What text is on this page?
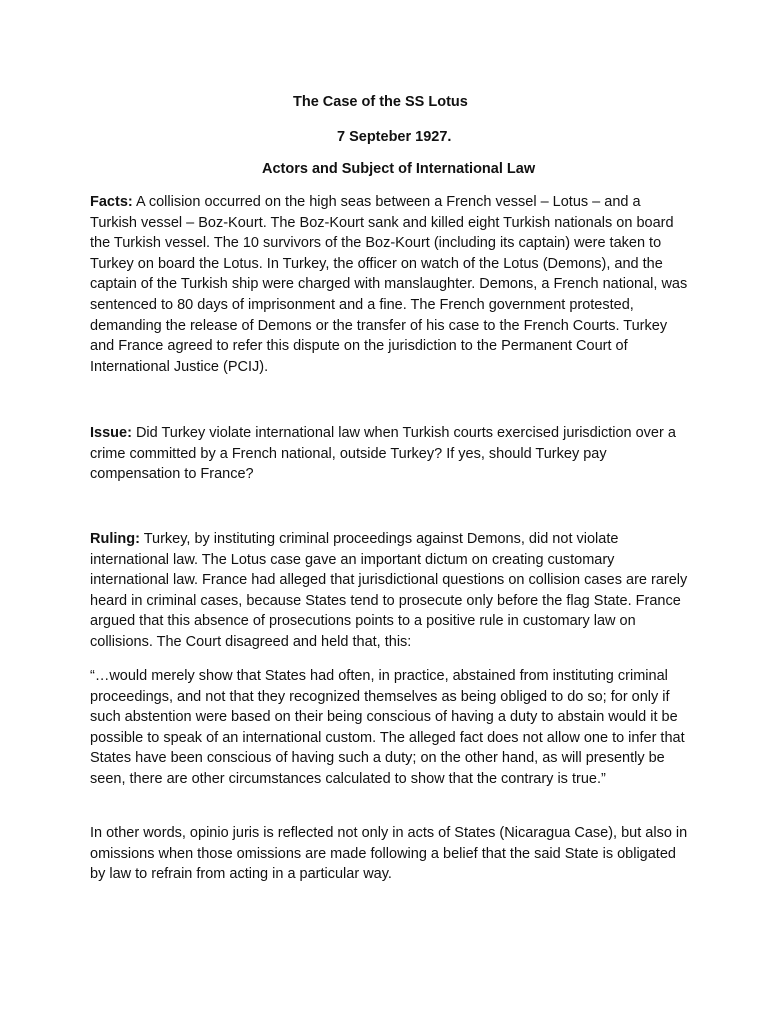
The Case of the SS Lotus
7 Septeber 1927.
Actors and Subject of International Law

Facts: A collision occurred on the high seas between a French vessel – Lotus – and a Turkish vessel – Boz-Kourt. The Boz-Kourt sank and killed eight Turkish nationals on board the Turkish vessel. The 10 survivors of the Boz-Kourt (including its captain) were taken to Turkey on board the Lotus. In Turkey, the officer on watch of the Lotus (Demons), and the captain of the Turkish ship were charged with manslaughter. Demons, a French national, was sentenced to 80 days of imprisonment and a fine. The French government protested, demanding the release of Demons or the transfer of his case to the French Courts. Turkey and France agreed to refer this dispute on the jurisdiction to the Permanent Court of International Justice (PCIJ).

Issue: Did Turkey violate international law when Turkish courts exercised jurisdiction over a crime committed by a French national, outside Turkey? If yes, should Turkey pay compensation to France?

Ruling: Turkey, by instituting criminal proceedings against Demons, did not violate international law. The Lotus case gave an important dictum on creating customary international law. France had alleged that jurisdictional questions on collision cases are rarely heard in criminal cases, because States tend to prosecute only before the flag State. France argued that this absence of prosecutions points to a positive rule in customary law on collisions. The Court disagreed and held that, this:

“…would merely show that States had often, in practice, abstained from instituting criminal proceedings, and not that they recognized themselves as being obliged to do so; for only if such abstention were based on their being conscious of having a duty to abstain would it be possible to speak of an international custom. The alleged fact does not allow one to infer that States have been conscious of having such a duty; on the other hand, as will presently be seen, there are other circumstances calculated to show that the contrary is true.”

In other words, opinio juris is reflected not only in acts of States (Nicaragua Case), but also in omissions when those omissions are made following a belief that the said State is obligated by law to refrain from acting in a particular way.
